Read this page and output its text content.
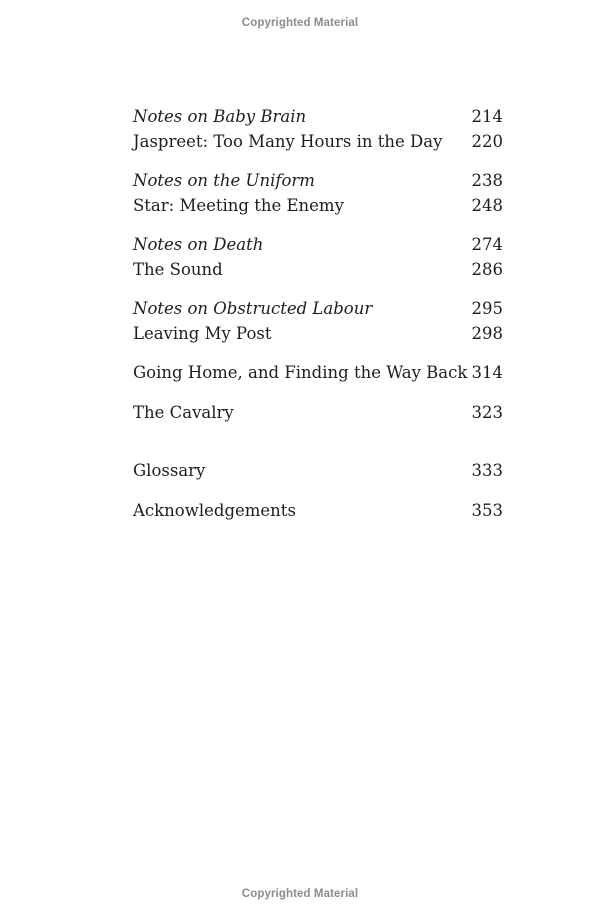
Copyrighted Material
Notes on Baby Brain	214
Jaspreet: Too Many Hours in the Day 220
Notes on the Uniform	238
Star: Meeting the Enemy	248
Notes on Death	274
The Sound	286
Notes on Obstructed Labour	295
Leaving My Post	298
Going Home, and Finding the Way Back 314
The Cavalry	323
Glossary	333
Acknowledgements	353
Copyrighted Material
